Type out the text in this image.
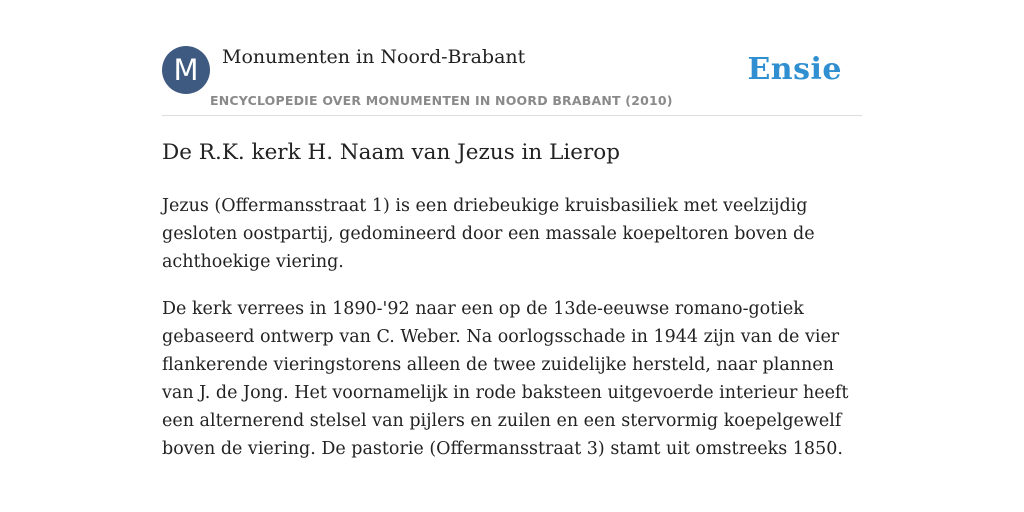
M	Monumenten in Noord-Brabant
ENCYCLOPEDIE OVER MONUMENTEN IN NOORD BRABANT (2010)
Ensie
De R.K. kerk H. Naam van Jezus in Lierop

Jezus (Offermansstraat 1) is een driebeukige kruisbasiliek met veelzijdig gesloten oostpartij, gedomineerd door een massale koepeltoren boven de achthoekige viering.

De kerk verrees in 1890-'92 naar een op de 13de-eeuwse romano-gotiek gebaseerd ontwerp van C. Weber. Na oorlogsschade in 1944 zijn van de vier flankerende vieringstorens alleen de twee zuidelijke hersteld, naar plannen van J. de Jong. Het voornamelijk in rode baksteen uitgevoerde interieur heeft een alternerend stelsel van pijlers en zuilen en een stervormig koepelgewelf boven de viering. De pastorie (Offermansstraat 3) stamt uit omstreeks 1850.
